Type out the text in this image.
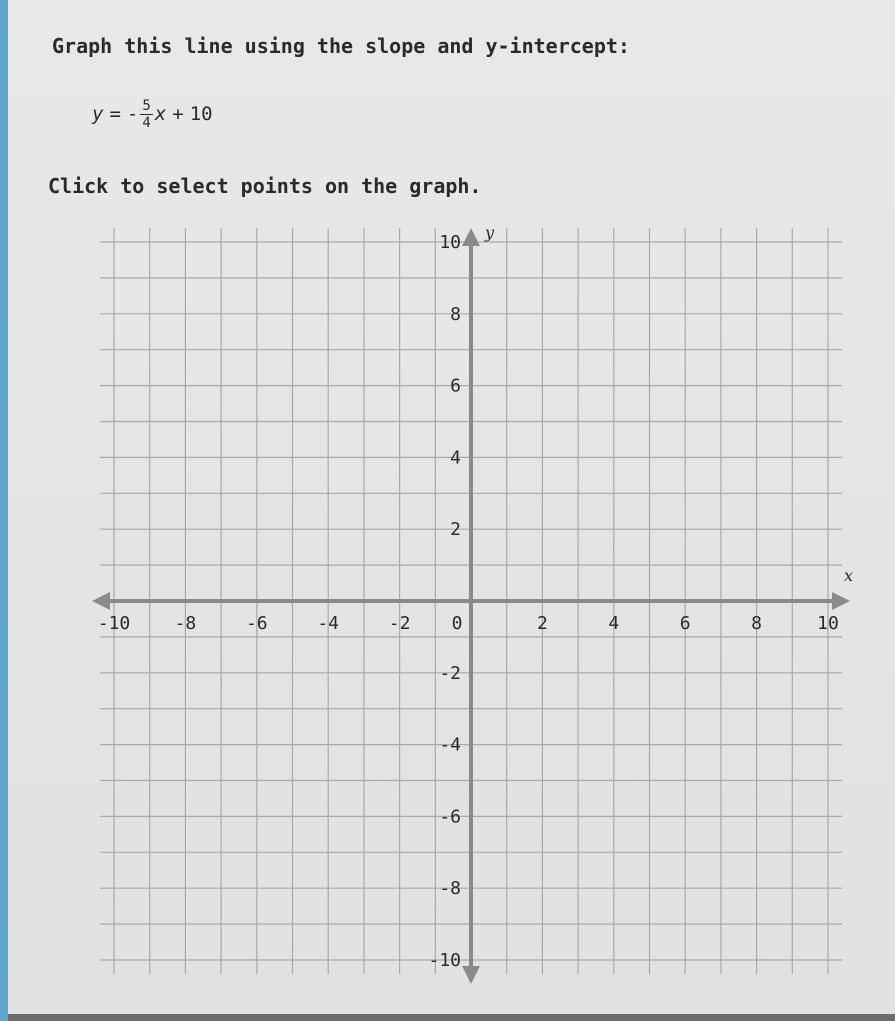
Graph this line using the slope and y-intercept:
y = - $\frac{5}{4}$ x + 10
Click to select points on the graph.
x
y
-10 -8	-6	-4	-2 0	2	4	6	8	10
10
8
6
4
2
-2
-4
-6
-8
-10
